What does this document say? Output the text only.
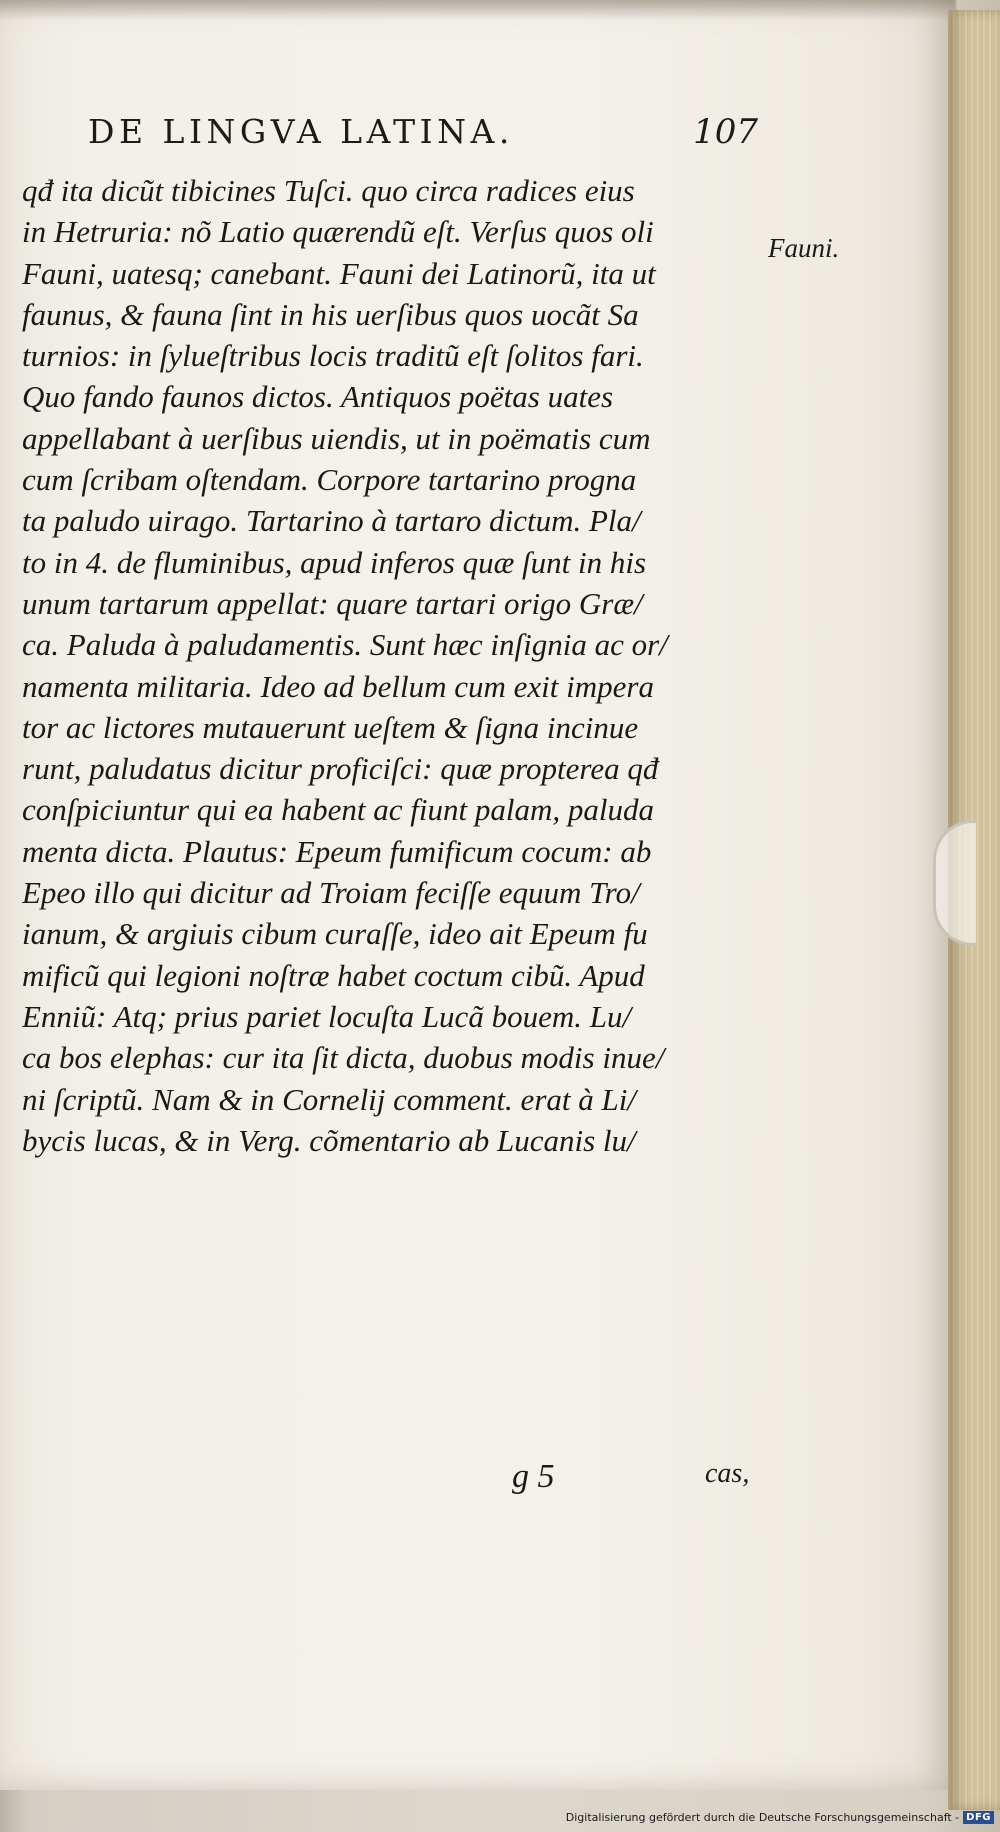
DE LINGVA LATINA.	107
qđ ita dicũt tibicines Tuſci. quo circa radices eius
in Hetruria: nõ Latio quærendũ eſt. Verſus quos oli
Fauni, uatesq; canebant. Fauni dei Latinorũ, ita ut
faunus, & fauna ſint in his uerſibus quos uocãt Sa
turnios: in ſylueſtribus locis traditũ eſt ſolitos fari.
Quo fando faunos dictos. Antiquos poëtas uates
appellabant à uerſibus uiendis, ut in poëmatis cum
cum ſcribam oſtendam. Corpore tartarino progna
ta paludo uirago. Tartarino à tartaro dictum. Pla/
to in 4. de fluminibus, apud inferos quæ ſunt in his
unum tartarum appellat: quare tartari origo Græ/
ca. Paluda à paludamentis. Sunt hæc inſignia ac or/
namenta militaria. Ideo ad bellum cum exit impera
tor ac lictores mutauerunt ueſtem & ſigna incinue
runt, paludatus dicitur proficiſci: quæ propterea qđ
conſpiciuntur qui ea habent ac fiunt palam, paluda
menta dicta. Plautus: Epeum fumificum cocum: ab
Epeo illo qui dicitur ad Troiam feciſſe equum Tro/
ianum, & argiuis cibum curaſſe, ideo ait Epeum fu
mificũ qui legioni noſtræ habet coctum cibũ. Apud
Enniũ: Atq; prius pariet locuſta Lucã bouem. Lu/
ca bos elephas: cur ita ſit dicta, duobus modis inue/
ni ſcriptũ. Nam & in Cornelij comment. erat à Li/
bycis lucas, & in Verg. cõmentario ab Lucanis lu/
Fauni.
g 5	cas,
Digitalisierung gefördert durch die Deutsche Forschungsgemeinschaft - DFG
